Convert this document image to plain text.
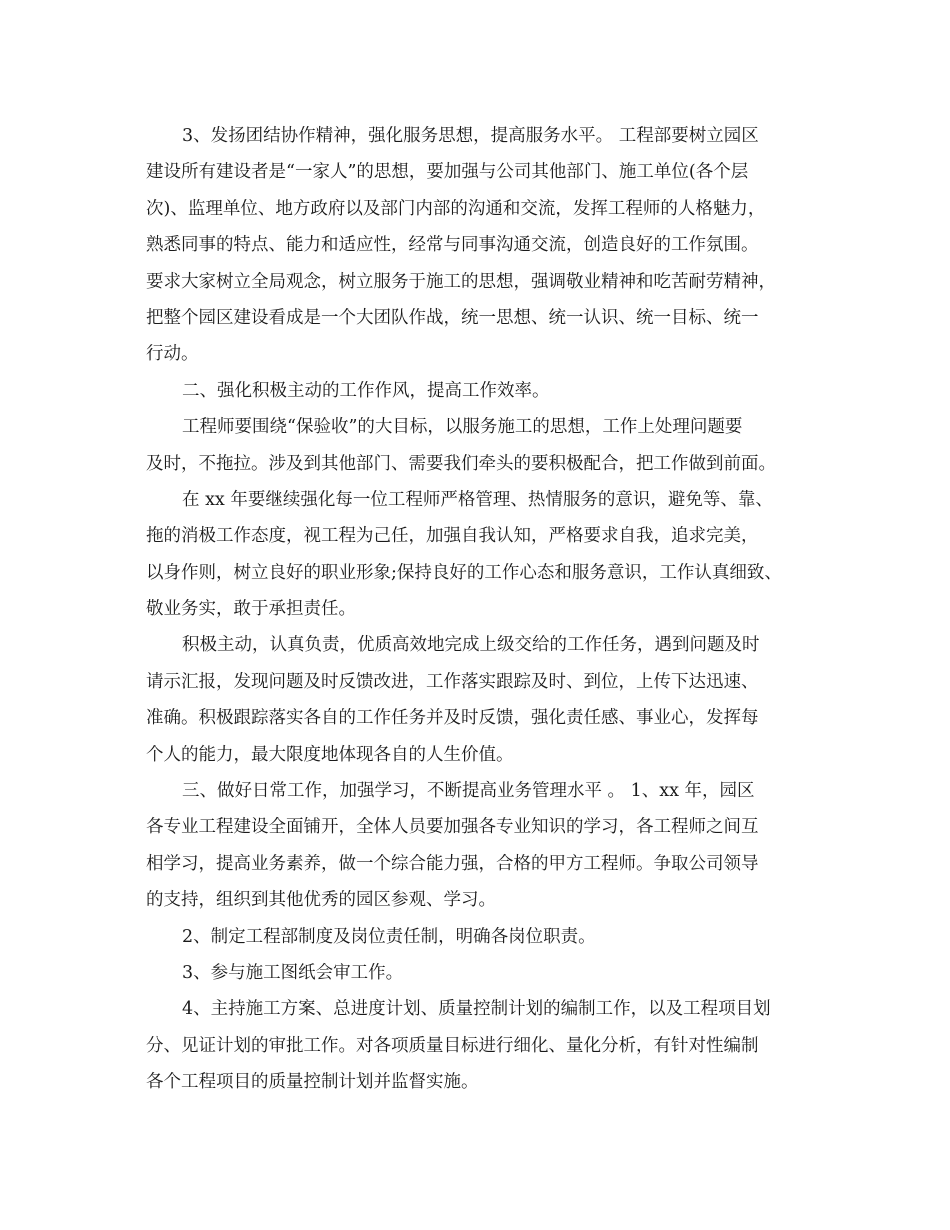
3、发扬团结协作精神，强化服务思想，提高服务水平。 工程部要树立园区
建设所有建设者是“一家人”的思想，要加强与公司其他部门、施工单位(各个层
次)、监理单位、地方政府以及部门内部的沟通和交流，发挥工程师的人格魅力，
熟悉同事的特点、能力和适应性，经常与同事沟通交流，创造良好的工作氛围。
要求大家树立全局观念，树立服务于施工的思想，强调敬业精神和吃苦耐劳精神，
把整个园区建设看成是一个大团队作战，统一思想、统一认识、统一目标、统一
行动。
二、强化积极主动的工作作风，提高工作效率。
工程师要围绕“保验收”的大目标，以服务施工的思想，工作上处理问题要
及时，不拖拉。涉及到其他部门、需要我们牵头的要积极配合，把工作做到前面。
在 xx 年要继续强化每一位工程师严格管理、热情服务的意识，避免等、靠、
拖的消极工作态度，视工程为己任，加强自我认知，严格要求自我，追求完美，
以身作则，树立良好的职业形象;保持良好的工作心态和服务意识，工作认真细致、
敬业务实，敢于承担责任。
积极主动，认真负责，优质高效地完成上级交给的工作任务，遇到问题及时
请示汇报，发现问题及时反馈改进，工作落实跟踪及时、到位，上传下达迅速、
准确。积极跟踪落实各自的工作任务并及时反馈，强化责任感、事业心，发挥每
个人的能力，最大限度地体现各自的人生价值。
三、做好日常工作，加强学习，不断提高业务管理水平 。 1、xx 年，园区
各专业工程建设全面铺开，全体人员要加强各专业知识的学习，各工程师之间互
相学习，提高业务素养，做一个综合能力强，合格的甲方工程师。争取公司领导
的支持，组织到其他优秀的园区参观、学习。
2、制定工程部制度及岗位责任制，明确各岗位职责。
3、参与施工图纸会审工作。
4、主持施工方案、总进度计划、质量控制计划的编制工作，以及工程项目划
分、见证计划的审批工作。对各项质量目标进行细化、量化分析，有针对性编制
各个工程项目的质量控制计划并监督实施。
